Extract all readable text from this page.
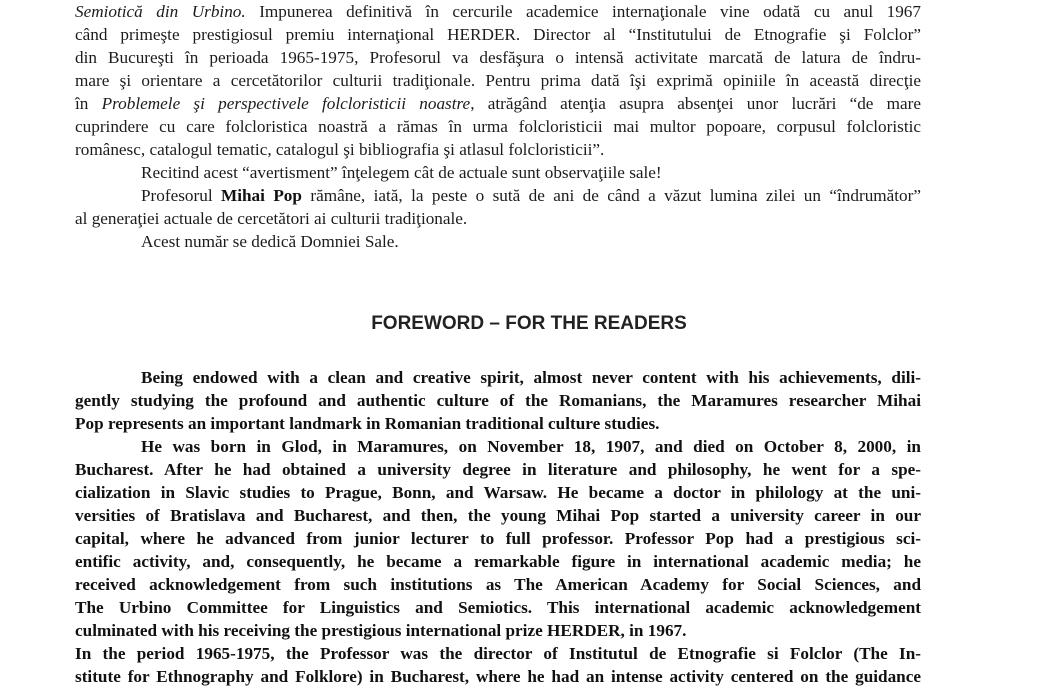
Semiotică din Urbino. Impunerea definitivă în cercurile academice internaţionale vine odată cu anul 1967
când primeşte prestigiosul premiu internaţional HERDER. Director al “Institutului de Etnografie şi Folclor”
din Bucureşti în perioada 1965-1975, Profesorul va desfăşura o intensă activitate marcată de latura de îndru-
mare şi orientare a cercetătorilor culturii tradiţionale. Pentru prima dată îşi exprimă opiniile în această direcţie
în Problemele şi perspectivele folcloristicii noastre, atrăgând atenţia asupra absenţei unor lucrări “de mare
cuprindere cu care folcloristica noastră a rămas în urma folcloristicii mai multor popoare, corpusul folcloristic
românesc, catalogul tematic, catalogul şi bibliografia şi atlasul folcloristicii”.
Recitind acest “avertisment” înţelegem cât de actuale sunt observaţiile sale!
Profesorul Mihai Pop rămâne, iată, la peste o sută de ani de când a văzut lumina zilei un “îndrumător”
al generaţiei actuale de cercetători ai culturii tradiţionale.
Acest număr se dedică Domniei Sale.
FOREWORD – FOR THE READERS
Being endowed with a clean and creative spirit, almost never content with his achievements, dili-
gently studying the profound and authentic culture of the Romanians, the Maramures researcher Mihai
Pop represents an important landmark in Romanian traditional culture studies.
He was born in Glod, in Maramures, on November 18, 1907, and died on October 8, 2000, in
Bucharest. After he had obtained a university degree in literature and philosophy, he went for a spe-
cialization in Slavic studies to Prague, Bonn, and Warsaw. He became a doctor in philology at the uni-
versities of Bratislava and Bucharest, and then, the young Mihai Pop started a university career in our
capital, where he advanced from junior lecturer to full professor. Professor Pop had a prestigious sci-
entific activity, and, consequently, he became a remarkable figure in international academic media; he
received acknowledgement from such institutions as The American Academy for Social Sciences, and
The Urbino Committee for Linguistics and Semiotics. This international academic acknowledgement
culminated with his receiving the prestigious international prize HERDER, in 1967.
In the period 1965-1975, the Professor was the director of Institutul de Etnografie si Folclor (The In-
stitute for Ethnography and Folklore) in Bucharest, where he had an intense activity centered on the guidance
